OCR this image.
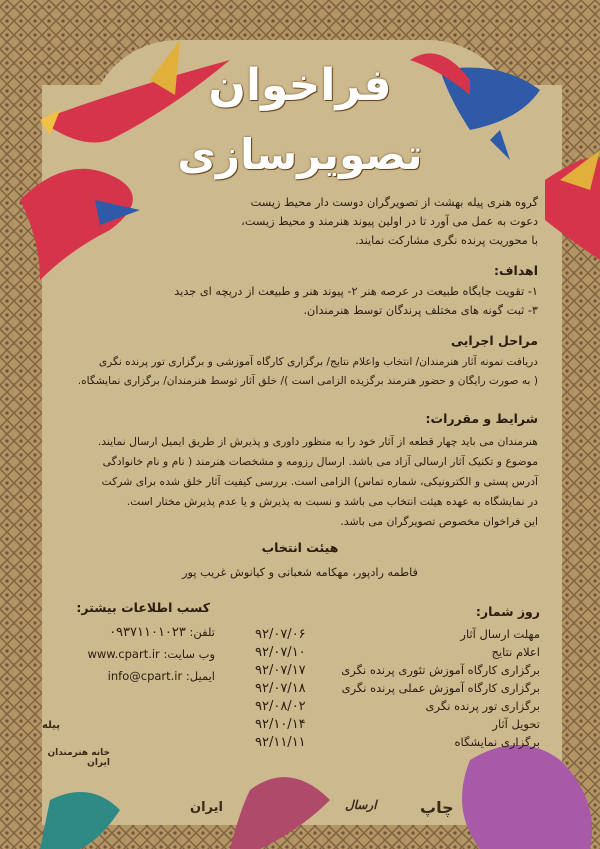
فراخوان
تصویرسازی
گروه هنری پیله بهشت از تصویرگران دوست دار محیط زیست
دعوت به عمل می آورد تا در اولین پیوند هنرمند و محیط زیست،
با محوریت پرنده نگری مشارکت نمایند.
اهداف:
۱- تقویت جایگاه طبیعت در عرصه هنر ۲- پیوند هنر و طبیعت از دریچه ای جدید
۳- ثبت گونه های مختلف پرندگان توسط هنرمندان.
مراحل اجرایی
دریافت نمونه آثار هنرمندان/ انتخاب واعلام نتایج/ برگزاری کارگاه آموزشی و برگزاری تور پرنده نگری
( به صورت رایگان و حضور هنرمند برگزیده الزامی است )/ خلق آثار توسط هنرمندان/ برگزاری نمایشگاه.
شرایط و مقررات:
هنرمندان می باید چهار قطعه از آثار خود را به منظور داوری و پذیرش از طریق ایمیل ارسال نمایند.
موضوع و تکنیک آثار ارسالی آزاد می باشد. ارسال رزومه و مشخصات هنرمند ( نام و نام خانوادگی
آدرس پستی و الکترونیکی، شماره تماس) الزامی است. بررسی کیفیت آثار خلق شده برای شرکت
در نمایشگاه به عهده هیئت انتخاب می باشد و نسبت به پذیرش و یا عدم پذیرش مختار است.
این فراخوان مخصوص تصویرگران می باشد.
هیئت انتخاب
فاطمه رادپور، مهکامه شعبانی و کیانوش غریب پور
روز شمار:
مهلت ارسال آثار
۹۲/۰۷/۰۶
اعلام نتایج
۹۲/۰۷/۱۰
برگزاری کارگاه آموزش تئوری پرنده نگری
۹۲/۰۷/۱۷
برگزاری کارگاه آموزش عملی پرنده نگری
۹۲/۰۷/۱۸
برگزاری تور پرنده نگری
۹۲/۰۸/۰۲
تحویل آثار
۹۲/۱۰/۱۴
برگزاری نمایشگاه
۹۲/۱۱/۱۱
کسب اطلاعات بیشتر:
تلفن: ۰۹۳۷۱۱۰۱۰۲۳
وب سایت: www.cpart.ir
ایمیل: info@cpart.ir
ایران	چاپ
خانه هنرمندان ایران
ارسال
پیله
